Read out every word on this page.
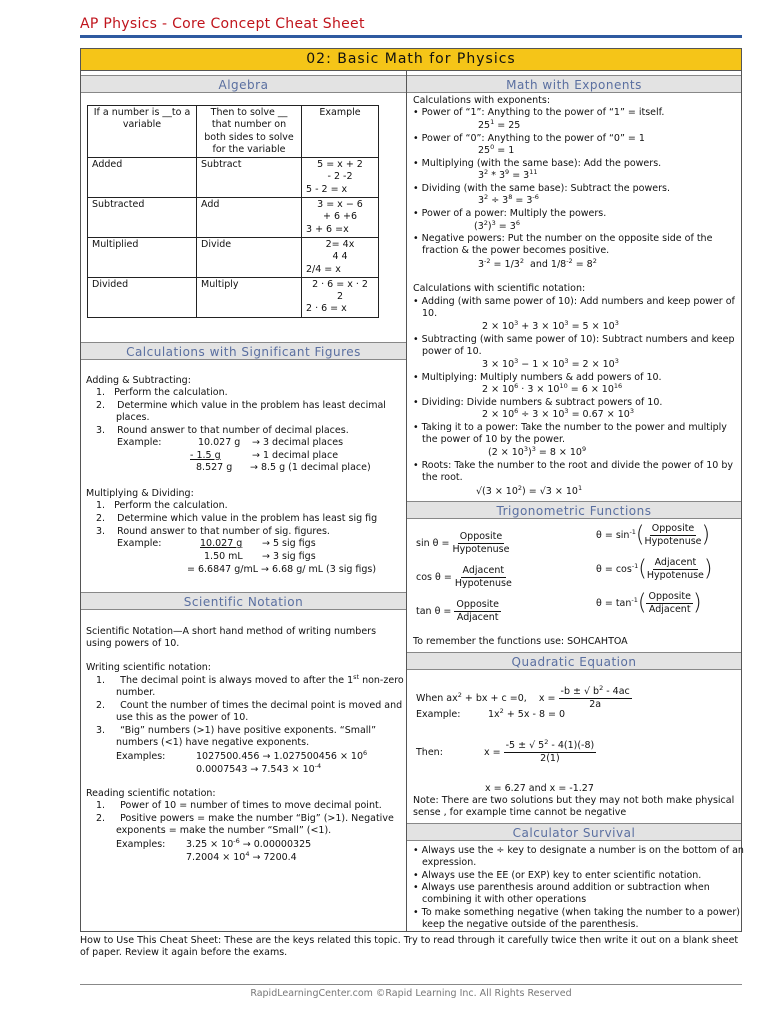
AP Physics - Core Concept Cheat Sheet
02: Basic Math for Physics
Algebra
If a number is __to a variable	Then to solve __ that number on both sides to solve for the variable	Example
Added	Subtract	5 = x + 2
- 2 -2
5 - 2 = x

Subtracted	Add	3 = x − 6
+ 6 +6
3 + 6 =x

Multiplied	Divide	2= 4x
4 4
2/4 = x

Divided	Multiply	2 · 6 = x · 2
2
2 · 6 = x
Calculations with Significant Figures
Adding & Subtracting:
1.   Perform the calculation.
2.    Determine which value in the problem has least decimal places.
3.    Round answer to that number of decimal places.
Example:	10.027 g → 3 decimal places
- 1.5 g	→ 1 decimal place
8.527 g → 8.5 g (1 decimal place)
Multiplying & Dividing:
1.   Perform the calculation.
2.    Determine which value in the problem has least sig fig
3.    Round answer to that number of sig. figures.
Example:	10.027 g → 5 sig figs
1.50 mL → 3 sig figs
= 6.6847 g/mL → 6.68 g/ mL (3 sig figs)
Scientific Notation
Scientific Notation—A short hand method of writing numbers using powers of 10.
Writing scientific notation:
1.     The decimal point is always moved to after the 1st non-zero number.
2.     Count the number of times the decimal point is moved and use this as the power of 10.
3.     “Big” numbers (>1) have positive exponents. “Small” numbers (<1) have negative exponents.
Examples:	$1027500.456 \to 1.027500456 \times 10^6$
$0.0007543 \to 7.543 \times 10^{-4}$
Reading scientific notation:
1.     Power of 10 = number of times to move decimal point.
2.     Positive powers = make the number “Big” (>1). Negative exponents = make the number “Small” (<1).
Examples: $3.25 \times 10^{-6} \to 0.00000325$
$7.2004 \times 10^4 \to 7200.4$
Math with Exponents
Calculations with exponents:
• Power of “1”: Anything to the power of “1” = itself.
$25^1 = 25$
• Power of “0”: Anything to the power of “0” = 1
$25^0 = 1$
• Multiplying (with the same base): Add the powers.
$3^2 * 3^9 = 3^{11}$
• Dividing (with the same base): Subtract the powers.
$3^2 \div 3^8 = 3^{-6}$
• Power of a power: Multiply the powers.
$(3^2)^3 = 3^6$
• Negative powers: Put the number on the opposite side of the fraction & the power becomes positive.
$3^{-2} = 1/3^2$  and $1/8^{-2} = 8^2$
Calculations with scientific notation:
• Adding (with same power of 10): Add numbers and keep power of 10.
$2 \times 10^3 + 3 \times 10^3 = 5 \times 10^3$
• Subtracting (with same power of 10): Subtract numbers and keep power of 10.
$3 \times 10^3 - 1 \times 10^3 = 2 \times 10^3$
• Multiplying: Multiply numbers & add powers of 10.
$2 \times 10^6 \cdot 3 \times 10^{10} = 6 \times 10^{16}$
• Dividing: Divide numbers & subtract powers of 10.
$2 \times 10^6 \div 3 \times 10^3 = 0.67 \times 10^3$
• Taking it to a power: Take the number to the power and multiply the power of 10 by the power.
$(2 \times 10^3)^3 = 8 \times 10^9$
• Roots: Take the number to the root and divide the power of 10 by the root.
$√(3 \times 10^2) = √3 \times 10^1$
Trigonometric Functions
$\sin \theta = \frac{\text{Opposite}}{\text{Hypotenuse}}$	$\theta = \sin^{-1}( \frac{\text{Opposite}}{\text{Hypotenuse}}$ )
$\cos \theta = \frac{\text{Adjacent}}{\text{Hypotenuse}}$	$\theta = \cos^{-1}( \frac{\text{Adjacent}}{\text{Hypotenuse}}$ )
$\tan \theta = \frac{\text{Opposite}}{\text{Adjacent}}$	$\theta = \tan^{-1}( \frac{\text{Opposite}}{\text{Adjacent}}$ )
To remember the functions use: SOHCAHTOA
Quadratic Equation
When $ax^2$ + bx + c =0,    $x = \frac{-b \pm √ b^2 - 4ac}{2a}$
Example:	$1x^2 + 5x - 8 = 0$
Then:	$x = \frac{-5 \pm √ 5^2 - 4(1)(-8)}{2(1)}$
x = 6.27 and x = -1.27
Note: There are two solutions but they may not both make physical sense , for example time cannot be negative
Calculator Survival
• Always use the ÷ key to designate a number is on the bottom of an expression.
• Always use the EE (or EXP) key to enter scientific notation.
• Always use parenthesis around addition or subtraction when combining it with other operations
• To make something negative (when taking the number to a power) keep the negative outside of the parenthesis.
How to Use This Cheat Sheet: These are the keys related this topic. Try to read through it carefully twice then write it out on a blank sheet of paper. Review it again before the exams.
RapidLearningCenter.com ©Rapid Learning Inc. All Rights Reserved
